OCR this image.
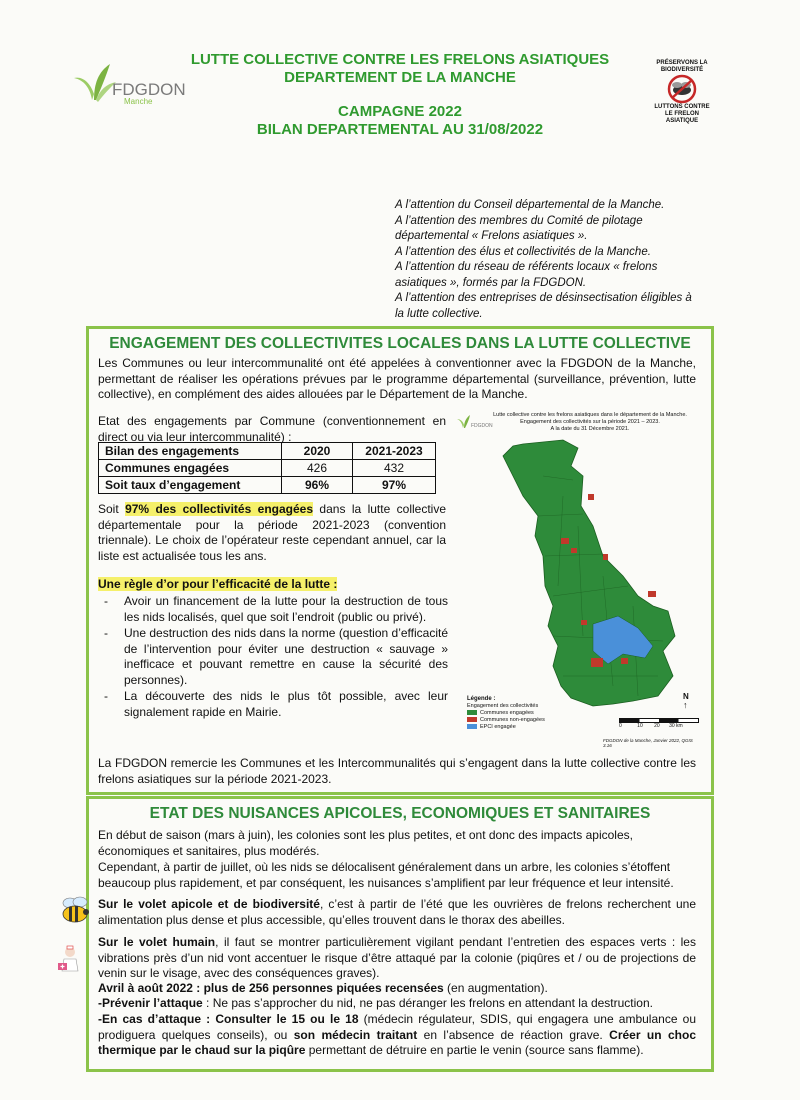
FDGDON
Manche
LUTTE COLLECTIVE CONTRE LES FRELONS ASIATIQUES
DEPARTEMENT DE LA MANCHE
PRÉSERVONS LA BIODIVERSITÉ
LUTTONS CONTRE LE FRELON ASIATIQUE
CAMPAGNE 2022
BILAN DEPARTEMENTAL AU 31/08/2022
A l’attention du Conseil départemental de la Manche.
A l’attention des membres du Comité de pilotage départemental « Frelons asiatiques ».
A l’attention des élus et collectivités de la Manche.
A l’attention du réseau de référents locaux « frelons asiatiques », formés par la FDGDON.
A l’attention des entreprises de désinsectisation éligibles à la lutte collective.
ENGAGEMENT DES COLLECTIVITES LOCALES DANS LA LUTTE COLLECTIVE
Les Communes ou leur intercommunalité ont été appelées à conventionner avec la FDGDON de la Manche, permettant de réaliser les opérations prévues par le programme départemental (surveillance, prévention, lutte collective), en complément des aides allouées par le Département de la Manche.
Etat des engagements par Commune (conventionnement en direct ou via leur intercommunalité) :
Bilan des engagements	2020	2021-2023
Communes engagées	426	432
Soit taux d’engagement	96%	97%
Soit 97% des collectivités engagées dans la lutte collective départementale pour la période 2021-2023 (convention triennale). Le choix de l’opérateur reste cependant annuel, car la liste est actualisée tous les ans.
Une règle d’or pour l’efficacité de la lutte :
- Avoir un financement de la lutte pour la destruction de tous les nids localisés, quel que soit l’endroit (public ou privé).
- Une destruction des nids dans la norme (question d’efficacité de l’intervention pour éviter une destruction « sauvage » inefficace et pouvant remettre en cause la sécurité des personnes).
- La découverte des nids le plus tôt possible, avec leur signalement rapide en Mairie.
FDGDON
Lutte collective contre les frelons asiatiques dans le département de la Manche.
Engagement des collectivités sur la période 2021 – 2023.
A la date du 31 Décembre 2021.
Légende :
Engagement des collectivités
Communes engagées
Communes non-engagées
EPCI engagée
N
↑
0	10 20 30 km
FDGDON de la Manche, Janvier 2022, QGIS 3.16
La FDGDON remercie les Communes et les Intercommunalités qui s’engagent dans la lutte collective contre les frelons asiatiques sur la période 2021-2023.
ETAT DES NUISANCES APICOLES, ECONOMIQUES ET SANITAIRES
En début de saison (mars à juin), les colonies sont les plus petites, et ont donc des impacts apicoles, économiques et sanitaires, plus modérés.
Cependant, à partir de juillet, où les nids se délocalisent généralement dans un arbre, les colonies s’étoffent beaucoup plus rapidement, et par conséquent, les nuisances s’amplifient par leur fréquence et leur intensité.
Sur le volet apicole et de biodiversité, c’est à partir de l’été que les ouvrières de frelons recherchent une alimentation plus dense et plus accessible, qu’elles trouvent dans le thorax des abeilles.
Sur le volet humain, il faut se montrer particulièrement vigilant pendant l’entretien des espaces verts : les vibrations près d’un nid vont accentuer le risque d’être attaqué par la colonie (piqûres et / ou de projections de venin sur le visage, avec des conséquences graves).
Avril à août 2022 : plus de 256 personnes piquées recensées (en augmentation).
-Prévenir l’attaque : Ne pas s’approcher du nid, ne pas déranger les frelons en attendant la destruction.
-En cas d’attaque : Consulter le 15 ou le 18 (médecin régulateur, SDIS, qui engagera une ambulance ou prodiguera quelques conseils), ou son médecin traitant en l’absence de réaction grave. Créer un choc thermique par le chaud sur la piqûre permettant de détruire en partie le venin (source sans flamme).
